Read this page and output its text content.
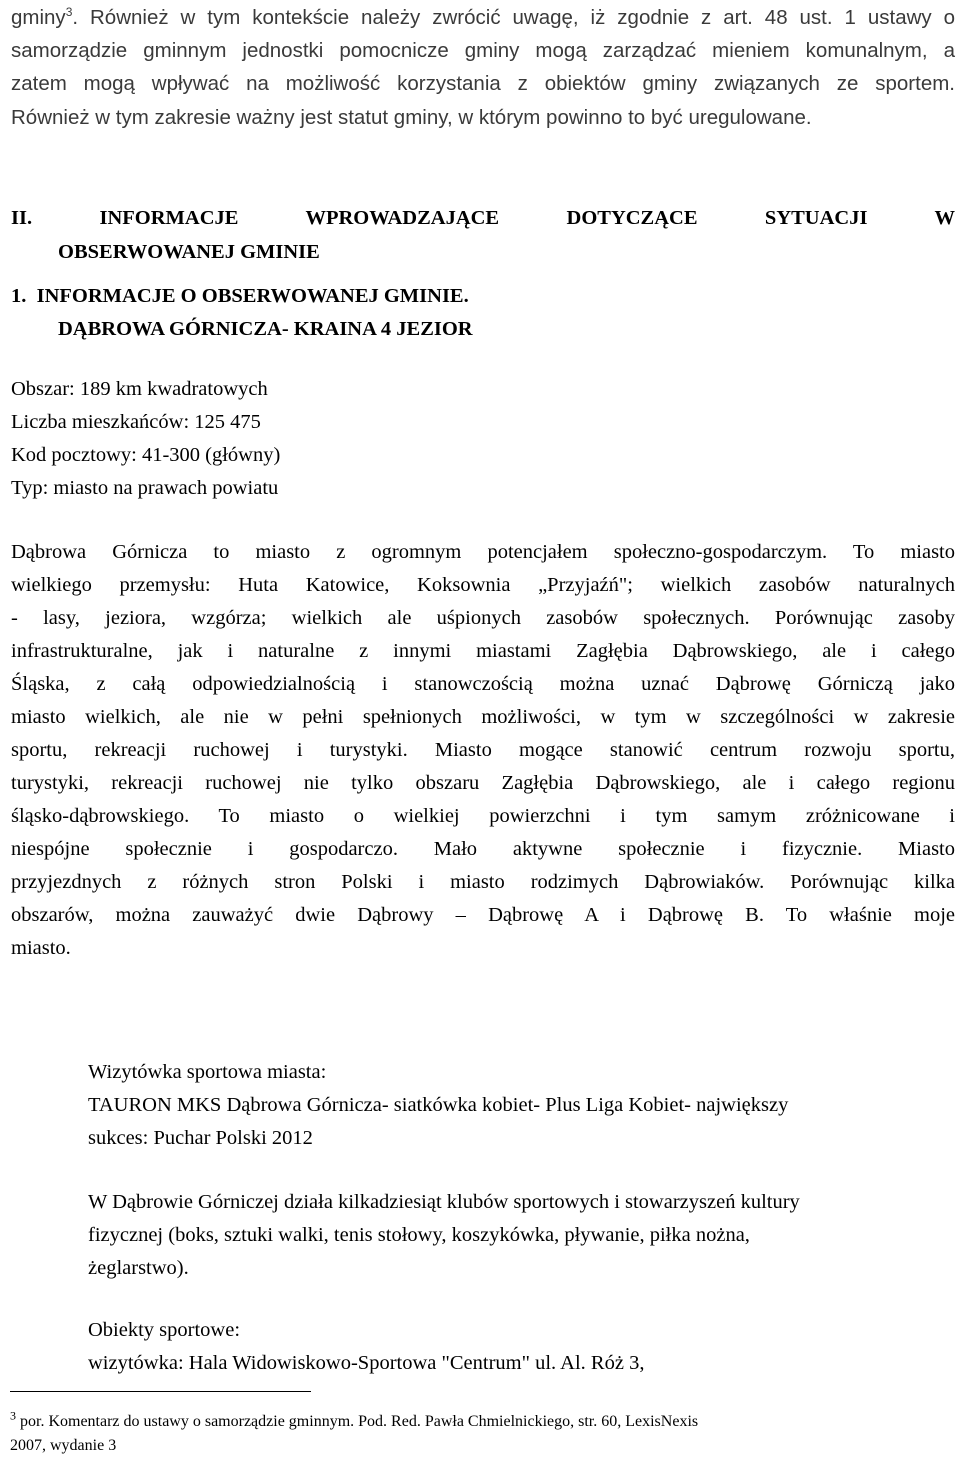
gminy$^3$. Również w tym kontekście należy zwrócić uwagę, iż zgodnie z art. 48 ust. 1 ustawy o
samorządzie gminnym jednostki pomocnicze gminy mogą zarządzać mieniem komunalnym, a
zatem mogą wpływać na możliwość korzystania z obiektów gminy związanych ze sportem.
Również w tym zakresie ważny jest statut gminy, w którym powinno to być uregulowane.
II.  INFORMACJE  WPROWADZAJĄCE  DOTYCZĄCE  SYTUACJI  W
OBSERWOWANEJ GMINIE
1.  INFORMACJE O OBSERWOWANEJ GMINIE.
DĄBROWA GÓRNICZA- KRAINA 4 JEZIOR
Obszar: 189 km kwadratowych
Liczba mieszkańców: 125 475
Kod pocztowy: 41-300 (główny)
Typ: miasto na prawach powiatu
Dąbrowa Górnicza to miasto z ogromnym potencjałem społeczno-gospodarczym. To miasto
wielkiego przemysłu: Huta Katowice, Koksownia „Przyjaźń"; wielkich zasobów naturalnych
- lasy, jeziora, wzgórza; wielkich ale uśpionych zasobów społecznych. Porównując zasoby
infrastrukturalne, jak i naturalne z innymi miastami Zagłębia Dąbrowskiego, ale i całego
Śląska, z całą odpowiedzialnością i stanowczością można uznać Dąbrowę Górniczą jako
miasto wielkich, ale nie w pełni spełnionych możliwości, w tym w szczególności w zakresie
sportu, rekreacji ruchowej i turystyki. Miasto mogące stanowić centrum rozwoju sportu,
turystyki, rekreacji ruchowej nie tylko obszaru Zagłębia Dąbrowskiego, ale i całego regionu
śląsko-dąbrowskiego. To miasto o wielkiej powierzchni i tym samym zróżnicowane i
niespójne społecznie i gospodarczo. Mało aktywne społecznie i fizycznie. Miasto
przyjezdnych z różnych stron Polski i miasto rodzimych Dąbrowiaków. Porównując kilka
obszarów, można zauważyć dwie Dąbrowy – Dąbrowę A i Dąbrowę B. To właśnie moje
miasto.
Wizytówka sportowa miasta:
TAURON MKS Dąbrowa Górnicza- siatkówka kobiet- Plus Liga Kobiet- największy
sukces: Puchar Polski 2012
W Dąbrowie Górniczej działa kilkadziesiąt klubów sportowych i stowarzyszeń kultury
fizycznej (boks, sztuki walki, tenis stołowy, koszykówka, pływanie, piłka nożna,
żeglarstwo).
Obiekty sportowe:
wizytówka: Hala Widowiskowo-Sportowa "Centrum" ul. Al. Róż 3,
$^3$ por. Komentarz do ustawy o samorządzie gminnym. Pod. Red. Pawła Chmielnickiego, str. 60, LexisNexis
2007, wydanie 3
